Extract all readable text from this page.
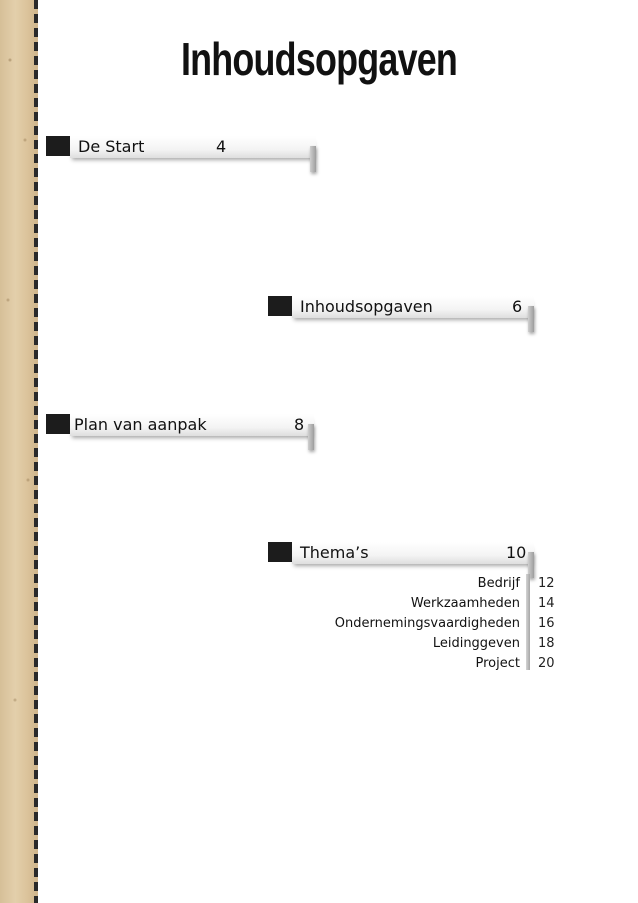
Inhoudsopgaven
De Start	4
Inhoudsopgaven	6
Plan van aanpak	8
Thema’s	10
Bedrijf 12
Werkzaamheden 14
Ondernemingsvaardigheden 16
Leidinggeven 18
Project 20
